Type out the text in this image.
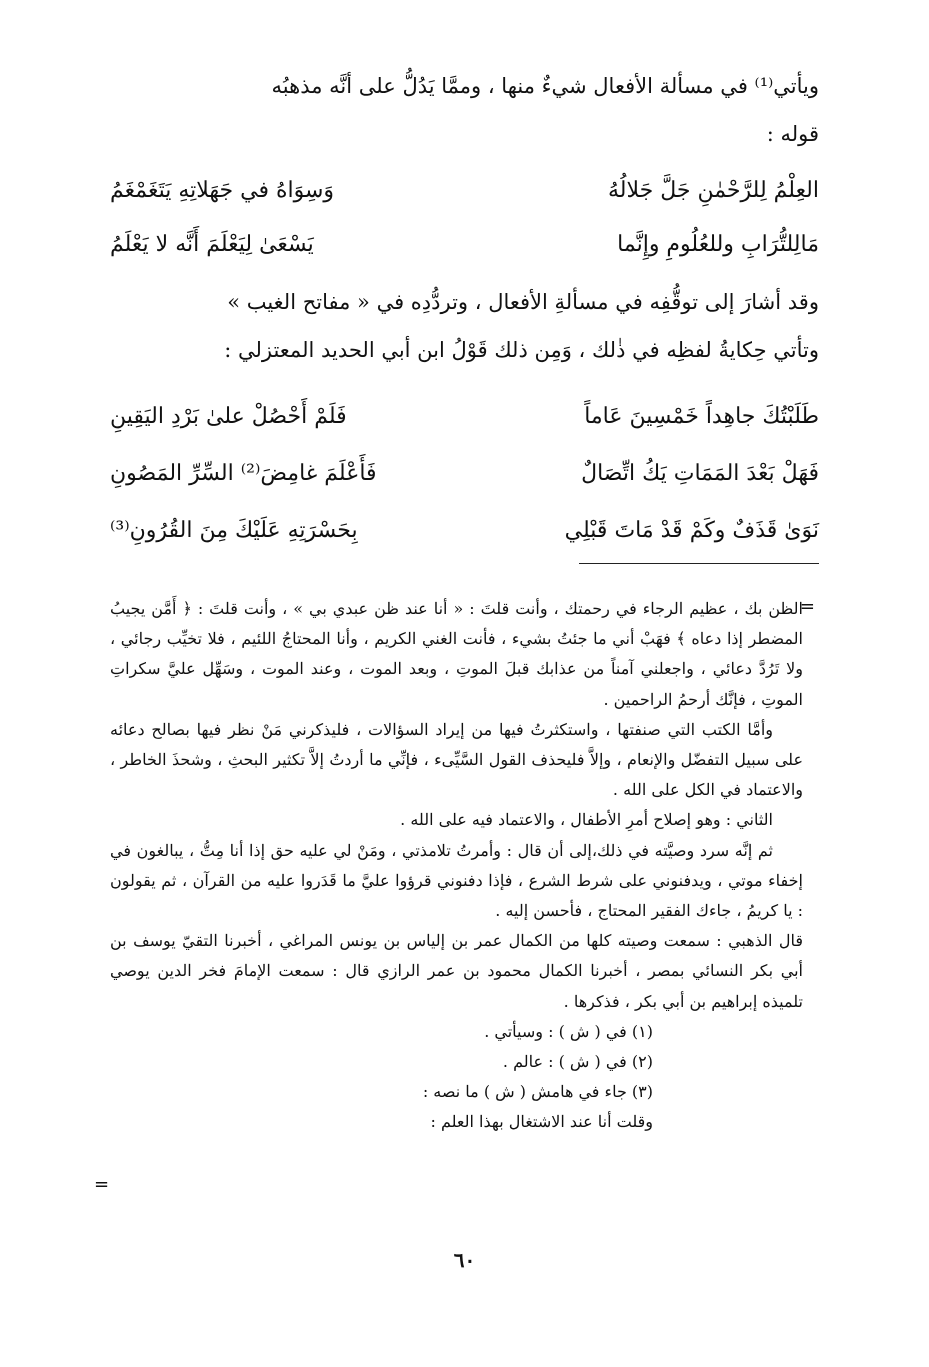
ويأتي⁽¹⁾ في مسألة الأفعال شيءٌ منها ، وممَّا يَدُلُّ على أنَّه مذهبُه

قوله :

العِلْمُ لِلرَّحْمٰنِ جَلَّ جَلالُهُ
وَسِوَاهُ في جَهَلاتِهِ يَتَغَمْغَمُ
مَالِلتُّرَابِ وللعُلُومِ وإِنَّما
يَسْعَىٰ لِيَعْلَمَ أَنَّه لا يَعْلَمُ

وقد أشارَ إلى توقُّفِه في مسألةِ الأفعال ، وتردُّدِه في « مفاتح الغيب »

وتأتي حِكايةُ لفظِه في ذٰلك ، وَمِن ذلك قَوْلُ ابن أبي الحديد المعتزلي :

طَلَبْتُكَ جاهِداً خَمْسِينَ عَاماً
فَلَمْ أَحْصُلْ علىٰ بَرْدِ اليَقِينِ
فَهَلْ بَعْدَ المَمَاتِ يَكُ اتِّصَالٌ
فَأَعْلَمَ غامِضَ⁽²⁾ السِّرِّ المَصُونِ
نَوَىٰ قَذَفٌ وكَمْ قَدْ مَاتَ قَبْلِي
بِحَسْرَتِهِ عَلَيْكَ مِنَ القُرُونِ⁽³⁾
=

الظن بك ، عظيم الرجاء في رحمتك ، وأنت قلتَ : « أنا عند ظن عبدي بي » ، وأنت قلتَ : ﴿ أَمَّن يجيبُ المضطر إذا دعاه ﴾ فهَبْ أني ما جئتُ بشيء ، فأنت الغني الكريم ، وأنا المحتاجُ اللئيم ، فلا تخيِّب رجائي ، ولا تَرُدَّ دعائي ، واجعلني آمناً من عذابك قبلَ الموتِ ، وبعد الموت ، وعند الموت ، وسَهِّل عليَّ سكراتِ الموتِ ، فإنَّك أرحمُ الراحمين .

وأمَّا الكتب التي صنفتها ، واستكثرتُ فيها من إيراد السؤالات ، فليذكرني مَنْ نظر فيها بصالح دعائه على سبيل التفضّل والإنعام ، وإلاَّ فليحذف القول السَّيِّىء ، فإنِّي ما أردتُ إلاَّ تكثير البحثِ ، وشحذَ الخاطر ، والاعتماد في الكل على الله .

الثاني : وهو إصلاح أمرِ الأطفال ، والاعتماد فيه على الله .

ثم إنَّه سرد وصيَّته في ذلك،إلى أن قال : وأمرتُ تلامذتي ، ومَنْ لي عليه حق إذا أنا مِتُّ ، يبالغون في إخفاء موتي ، ويدفنوني على شرط الشرع ، فإذا دفنوني قرؤوا عليَّ ما قَدَروا عليه من القرآن ، ثم يقولون : يا كريمُ ، جاءك الفقير المحتاج ، فأحسن إليه .

قال الذهبي : سمعت وصيته كلها من الكمال عمر بن إلياس بن يونس المراغي ، أخبرنا التقيّ يوسف بن أبي بكر النسائي بمصر ، أخبرنا الكمال محمود بن عمر الرازي قال : سمعت الإمامَ فخر الدين يوصي تلميذه إبراهيم بن أبي بكر ، فذكرها .

(١) في ( ش ) : وسيأتي .

(٢) في ( ش ) : عالم .

(٣) جاء في هامش ( ش ) ما نصه :

وقلت أنا عند الاشتغال بهذا العلم :

=
٦٠
